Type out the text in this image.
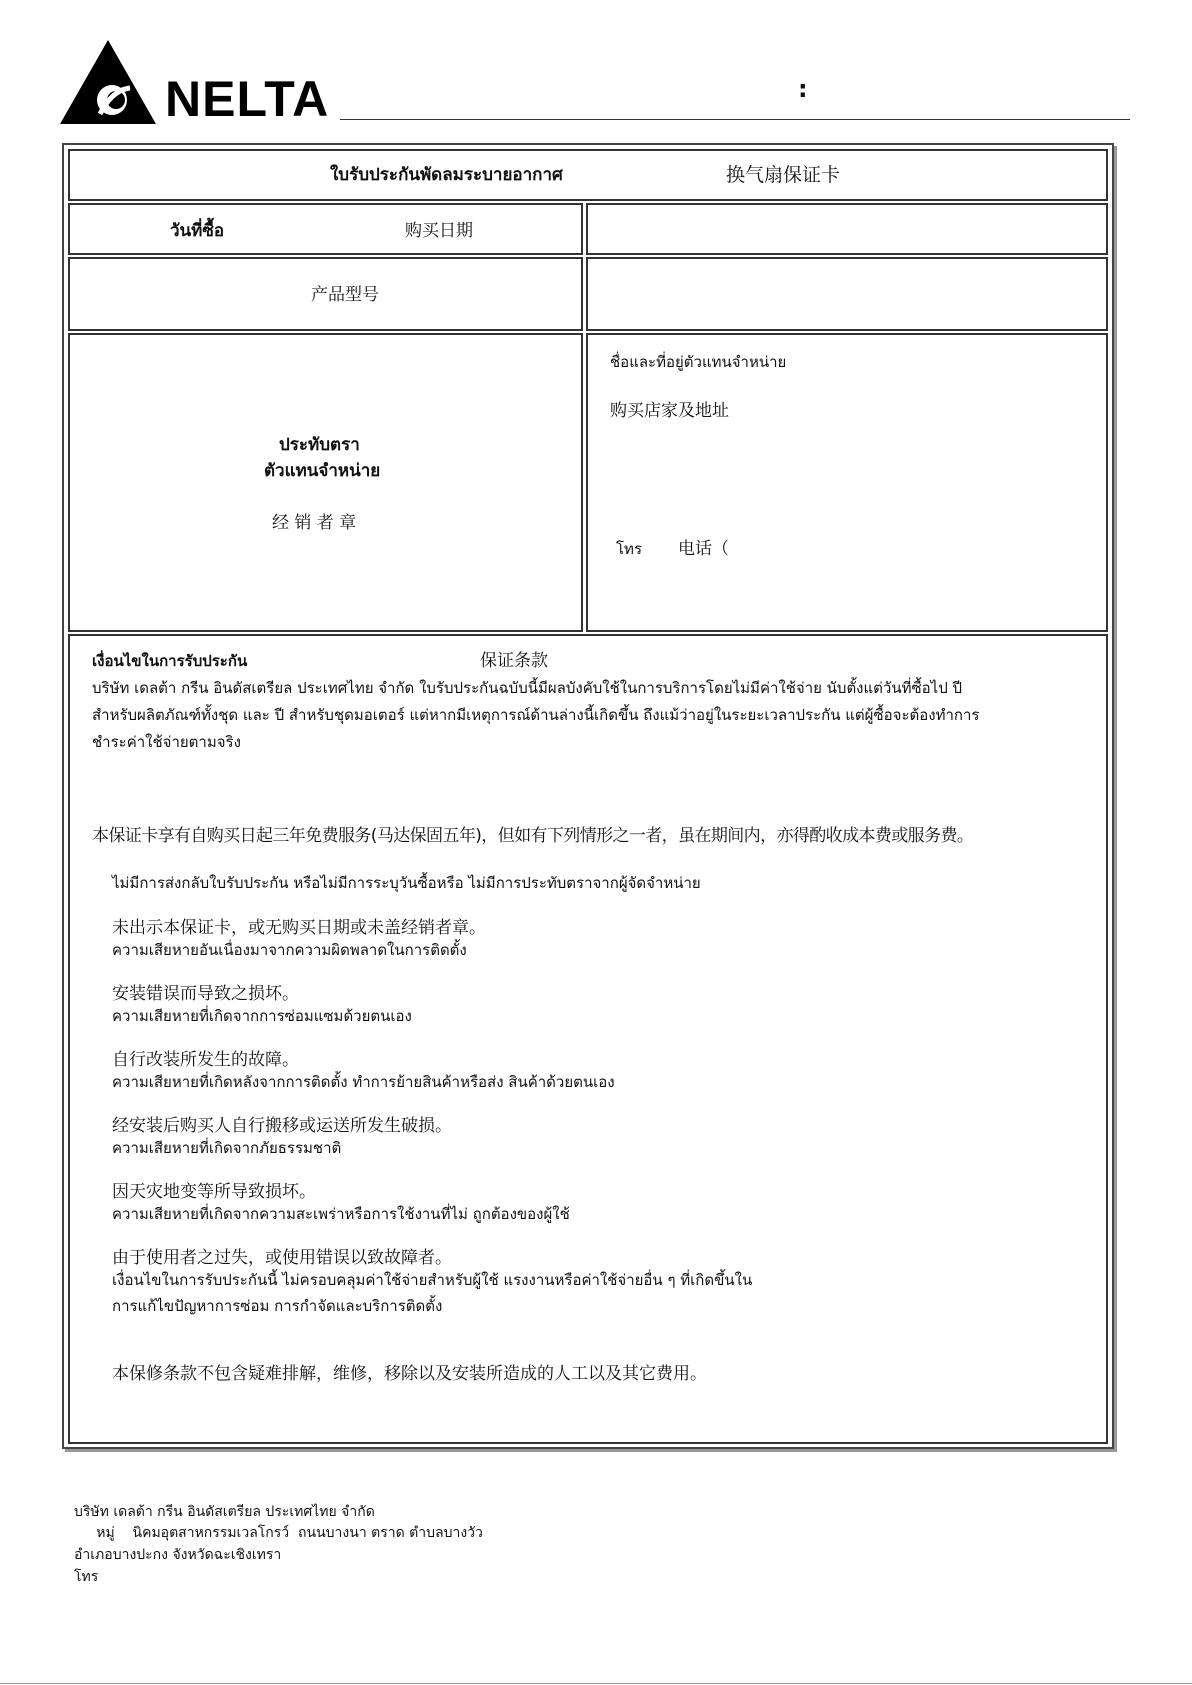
NELTA	:
ใบรับประกันพัดลมระบายอากาศ	换气扇保证卡
วันที่ซื้อ	购买日期
产品型号
ประทับตรา
ตัวแทนจำหน่าย
经 销 者 章
ชื่อและที่อยู่ตัวแทนจำหน่าย
购买店家及地址
โทร 电话（
เงื่อนไขในการรับประกัน	保证条款
บริษัท เดลต้า กรีน อินดัสเตรียล ประเทศไทย จำกัด ใบรับประกันฉบับนี้มีผลบังคับใช้ในการบริการโดยไม่มีค่าใช้จ่าย นับตั้งแต่วันที่ซื้อไป ปี
สำหรับผลิตภัณฑ์ทั้งชุด และ ปี สำหรับชุดมอเตอร์ แต่หากมีเหตุการณ์ด้านล่างนี้เกิดขึ้น ถึงแม้ว่าอยู่ในระยะเวลาประกัน แต่ผู้ซื้อจะต้องทำการ
ชำระค่าใช้จ่ายตามจริง
本保证卡享有自购买日起三年免费服务(马达保固五年)，但如有下列情形之一者，虽在期间内，亦得酌收成本费或服务费。
ไม่มีการส่งกลับใบรับประกัน หรือไม่มีการระบุวันซื้อหรือ ไม่มีการประทับตราจากผู้จัดจำหน่าย
未出示本保证卡，或无购买日期或未盖经销者章。
ความเสียหายอันเนื่องมาจากความผิดพลาดในการติดตั้ง
安装错误而导致之损坏。
ความเสียหายที่เกิดจากการซ่อมแซมด้วยตนเอง
自行改装所发生的故障。
ความเสียหายที่เกิดหลังจากการติดตั้ง ทำการย้ายสินค้าหรือส่ง สินค้าด้วยตนเอง
经安装后购买人自行搬移或运送所发生破损。
ความเสียหายที่เกิดจากภัยธรรมชาติ
因天灾地变等所导致损坏。
ความเสียหายที่เกิดจากความสะเพร่าหรือการใช้งานที่ไม่ ถูกต้องของผู้ใช้
由于使用者之过失，或使用错误以致故障者。
เงื่อนไขในการรับประกันนี้ ไม่ครอบคลุมค่าใช้จ่ายสำหรับผู้ใช้ แรงงานหรือค่าใช้จ่ายอื่น ๆ ที่เกิดขึ้นใน
การแก้ไขปัญหาการซ่อม การกำจัดและบริการติดตั้ง
本保修条款不包含疑难排解，维修，移除以及安装所造成的人工以及其它费用。
บริษัท เดลต้า กรีน อินดัสเตรียล ประเทศไทย จำกัด
หมู่    นิคมอุตสาหกรรมเวลโกรว์  ถนนบางนา ตราด ตำบลบางวัว
อำเภอบางปะกง จังหวัดฉะเชิงเทรา
โทร
